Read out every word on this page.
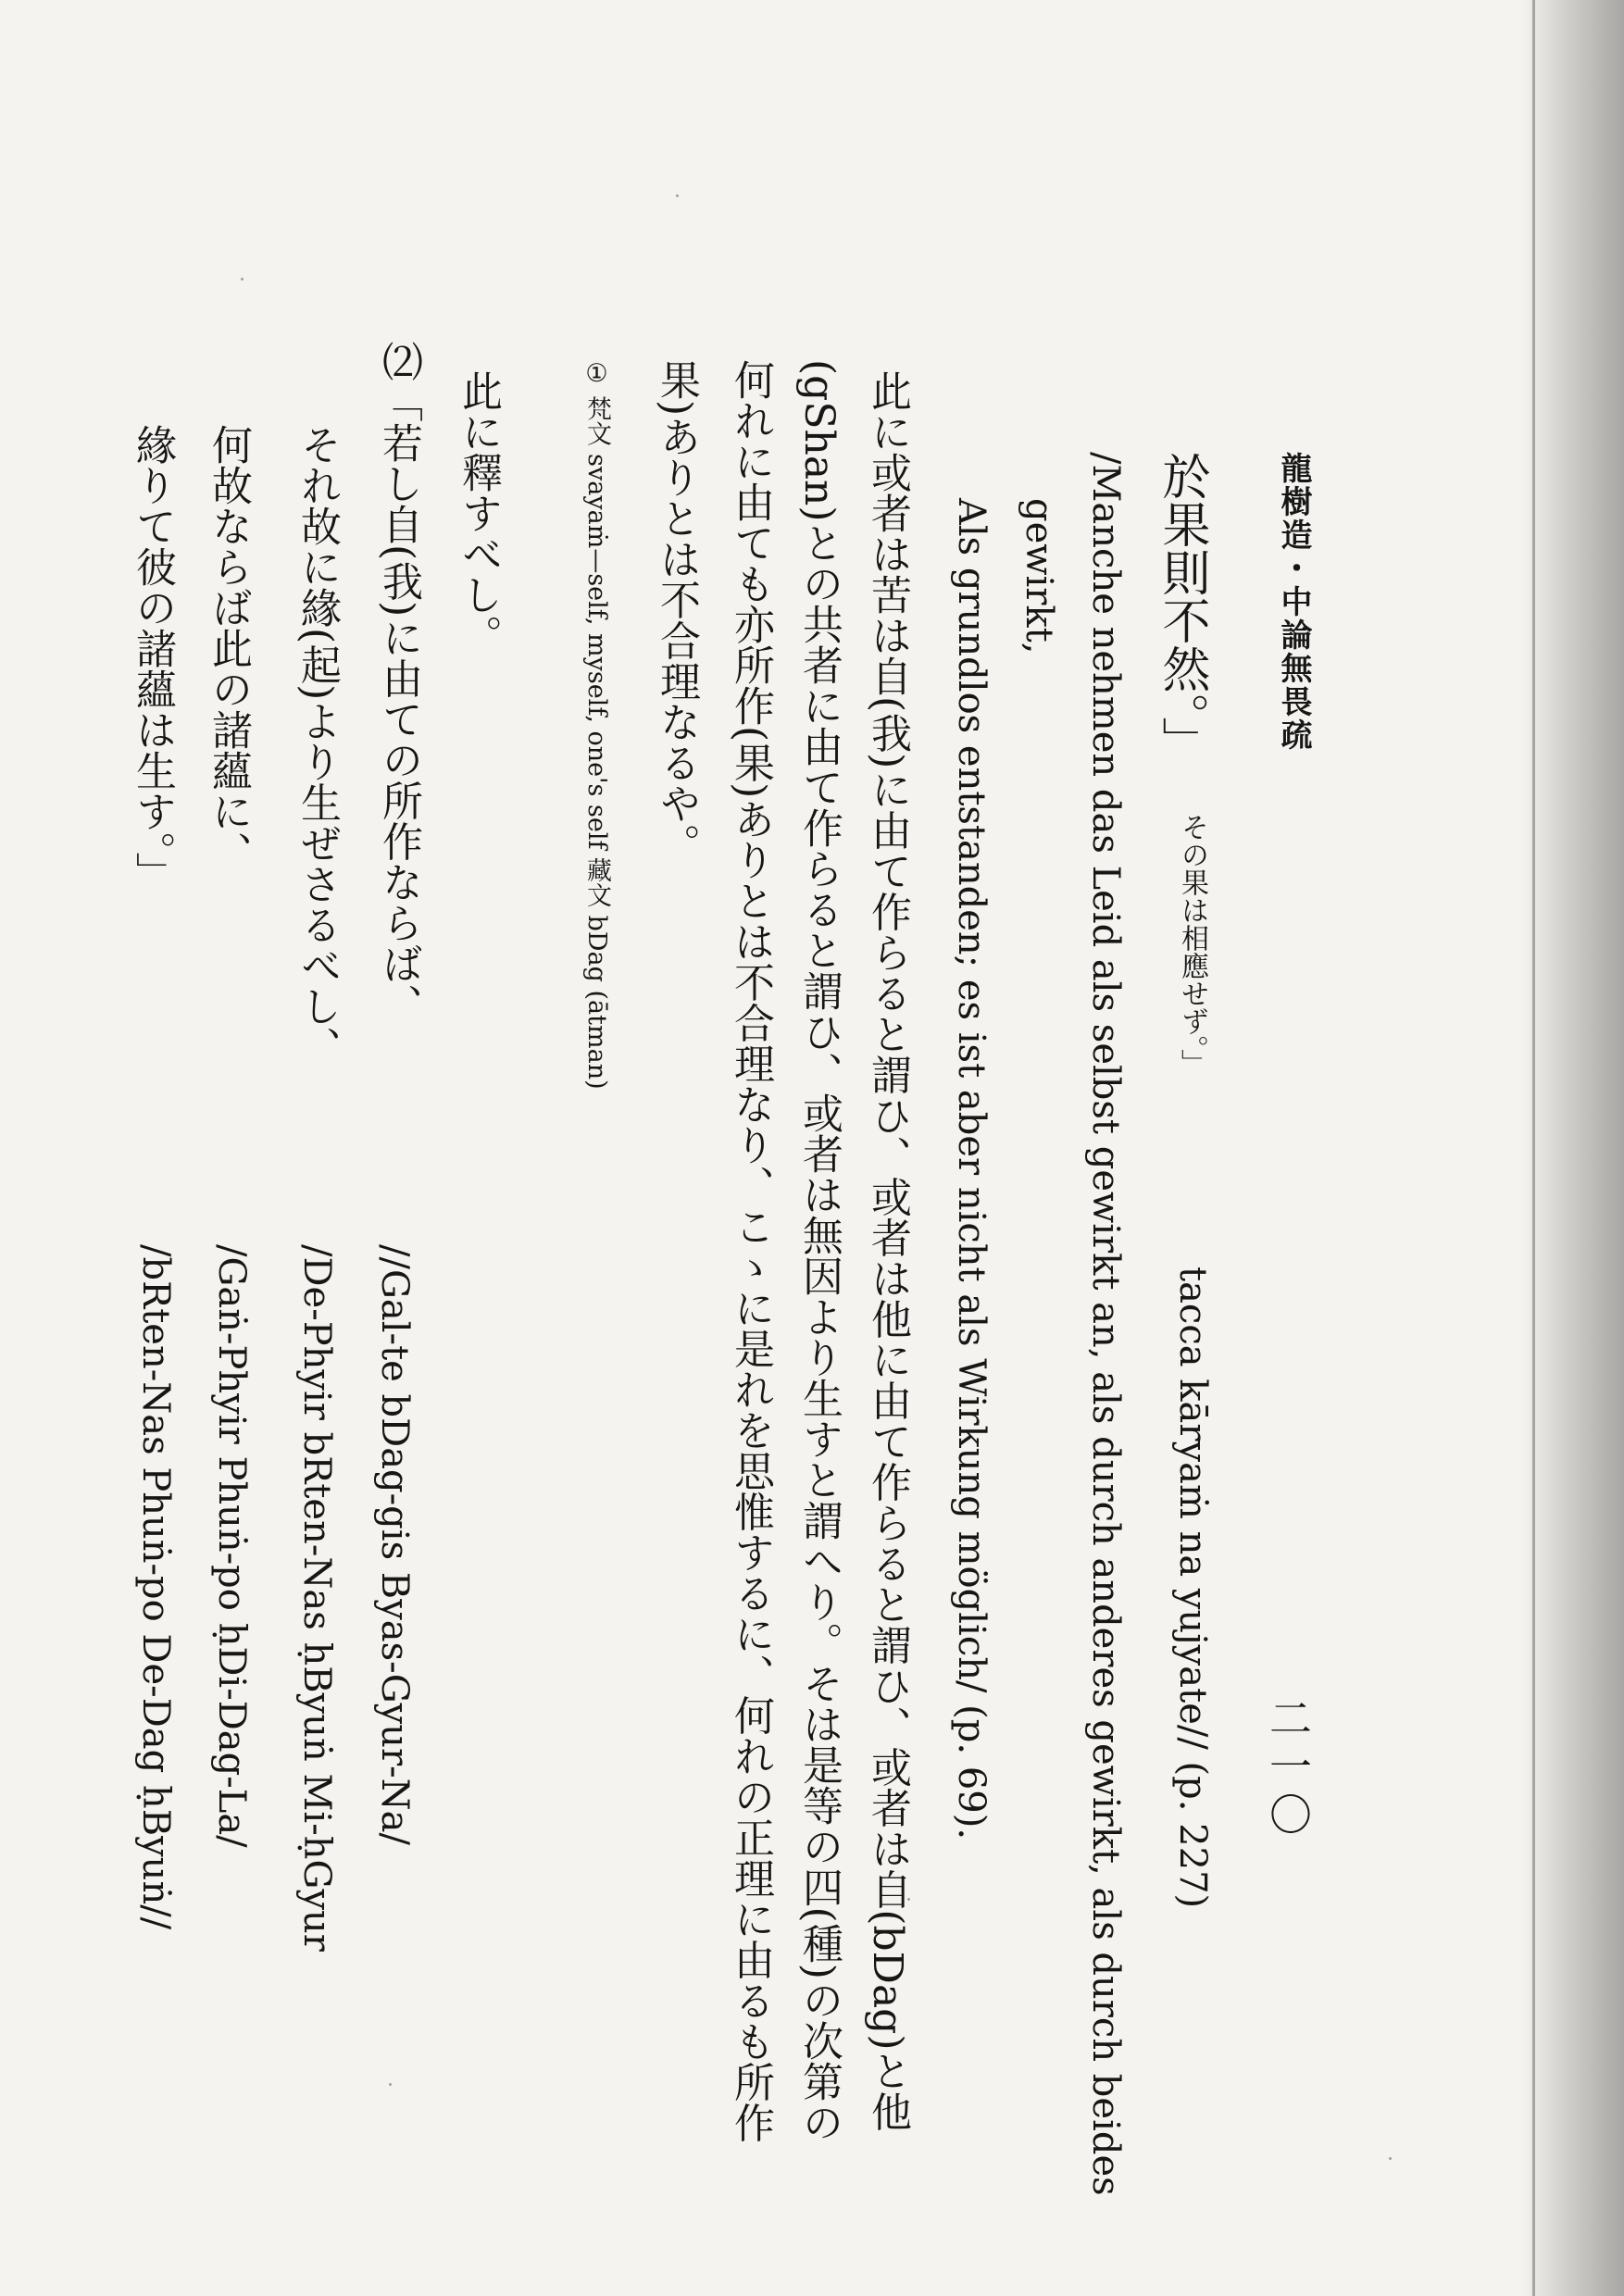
龍樹造・中論無畏疏
二一〇
於果則不然。」
その果は相應せず。」
tacca kāryaṁ na yujyate// (p. 227)
/Manche nehmen das Leid als selbst gewirkt an, als durch anderes gewirkt, als durch beides
gewirkt,
Als grundlos entstanden; es ist aber nicht als Wirkung möglich/ (p. 69).
此に或者は苦は自(我)に由て作らると謂ひ、或者は他に由て作らると謂ひ、或者は自(bDag)と他
(gShan)との共者に由て作らると謂ひ、或者は無因より生すと謂へり。そは是等の四(種)の次第の
何れに由ても亦所作(果)ありとは不合理なり、こゝに是れを思惟するに、何れの正理に由るも所作
果)ありとは不合理なるや。
① 梵文 svayaṁ—self, myself, one's self 藏文 bDag (ātman)
此に釋すべし。
⑵「若し自(我)に由ての所作ならば、
//Gal-te bDag-gis Byas-Gyur-Na/
それ故に緣(起)より生ぜさるべし、
/De-Phyir bRten-Nas ḥByuṅ Mi-ḥGyur
何故ならば此の諸蘊に、
/Gaṅ-Phyir Phuṅ-po ḥDi-Dag-La/
緣りて彼の諸蘊は生す。」
/bRten-Nas Phuṅ-po De-Dag ḥByuṅ//
